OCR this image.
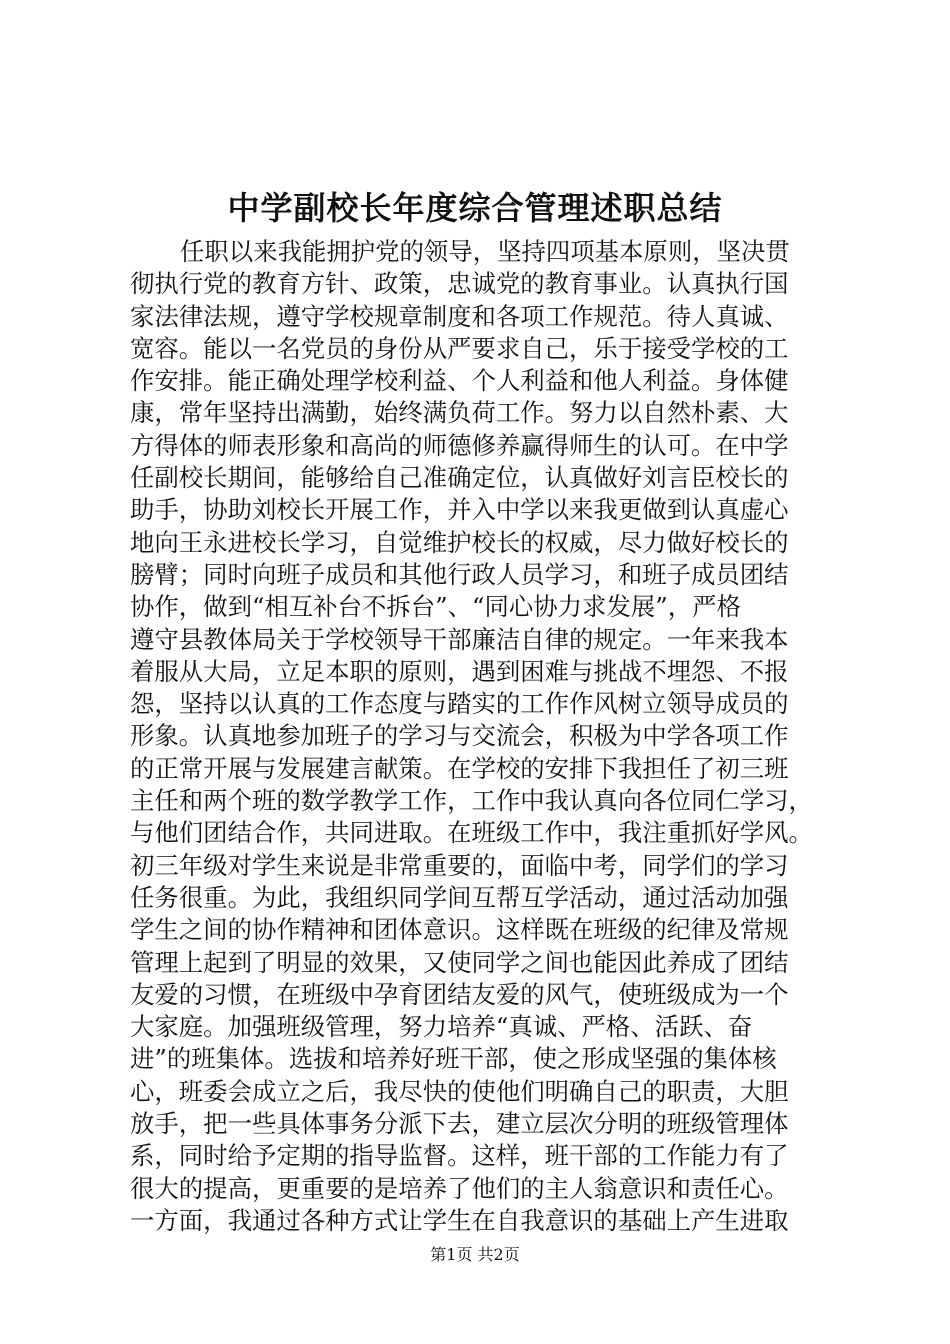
中学副校长年度综合管理述职总结
任职以来我能拥护党的领导，坚持四项基本原则，坚决贯
彻执行党的教育方针、政策，忠诚党的教育事业。认真执行国
家法律法规，遵守学校规章制度和各项工作规范。待人真诚、
宽容。能以一名党员的身份从严要求自己，乐于接受学校的工
作安排。能正确处理学校利益、个人利益和他人利益。身体健
康，常年坚持出满勤，始终满负荷工作。努力以自然朴素、大
方得体的师表形象和高尚的师德修养赢得师生的认可。在中学
任副校长期间，能够给自己准确定位，认真做好刘言臣校长的
助手，协助刘校长开展工作，并入中学以来我更做到认真虚心
地向王永进校长学习，自觉维护校长的权威，尽力做好校长的
膀臂；同时向班子成员和其他行政人员学习，和班子成员团结
协作，做到“相互补台不拆台”、“同心协力求发展”，严格
遵守县教体局关于学校领导干部廉洁自律的规定。一年来我本
着服从大局，立足本职的原则，遇到困难与挑战不埋怨、不报
怨，坚持以认真的工作态度与踏实的工作作风树立领导成员的
形象。认真地参加班子的学习与交流会，积极为中学各项工作
的正常开展与发展建言献策。在学校的安排下我担任了初三班
主任和两个班的数学教学工作，工作中我认真向各位同仁学习，
与他们团结合作，共同进取。在班级工作中，我注重抓好学风。
初三年级对学生来说是非常重要的，面临中考，同学们的学习
任务很重。为此，我组织同学间互帮互学活动，通过活动加强
学生之间的协作精神和团体意识。这样既在班级的纪律及常规
管理上起到了明显的效果，又使同学之间也能因此养成了团结
友爱的习惯，在班级中孕育团结友爱的风气，使班级成为一个
大家庭。加强班级管理，努力培养“真诚、严格、活跃、奋
进”的班集体。选拔和培养好班干部，使之形成坚强的集体核
心，班委会成立之后，我尽快的使他们明确自己的职责，大胆
放手，把一些具体事务分派下去，建立层次分明的班级管理体
系，同时给予定期的指导监督。这样，班干部的工作能力有了
很大的提高，更重要的是培养了他们的主人翁意识和责任心。
一方面，我通过各种方式让学生在自我意识的基础上产生进取
第1页 共2页
